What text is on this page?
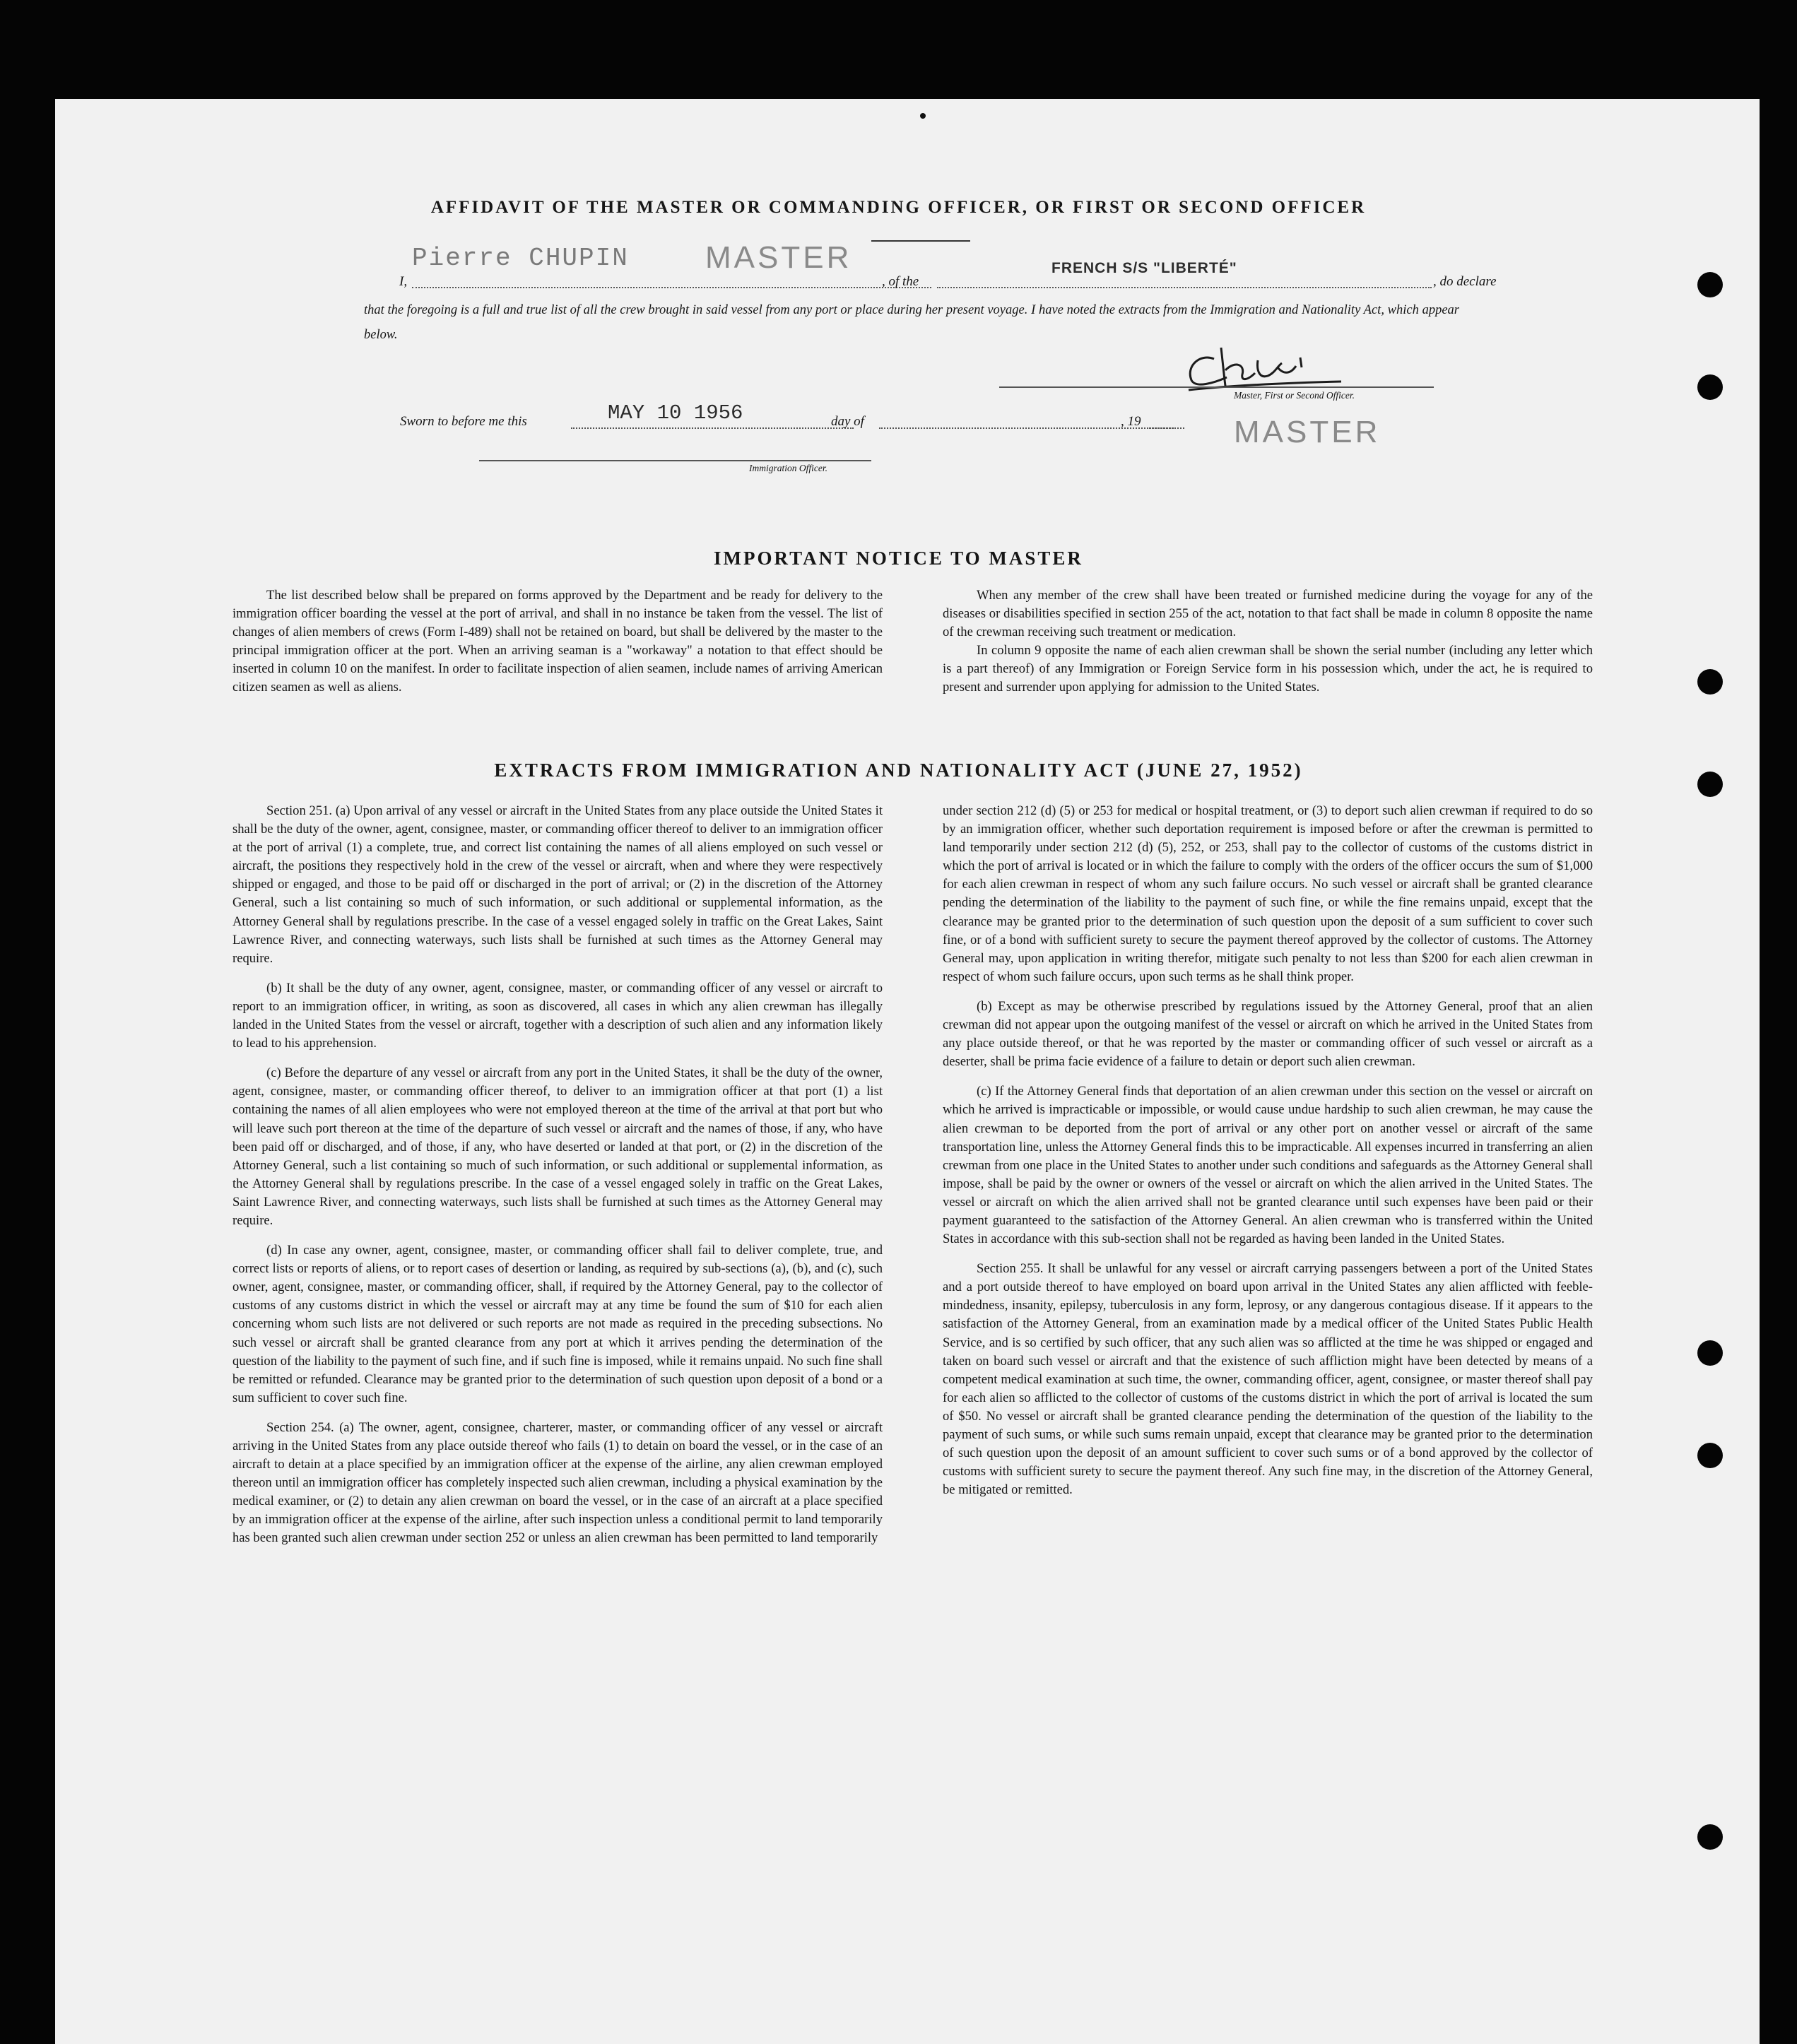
AFFIDAVIT OF THE MASTER OR COMMANDING OFFICER, OR FIRST OR SECOND OFFICER
Pierre CHUPIN MASTER
I,	, of the
FRENCH S/S "LIBERTÉ"
, do declare
that the foregoing is a full and true list of all the crew brought in said vessel from any port or place during her present voyage. I have noted the extracts from the Immigration and Nationality Act, which appear below.
Master, First or Second Officer.
Sworn to before me this	MAY 10 1956	day of	, 19	MASTER
Immigration Officer.
IMPORTANT NOTICE TO MASTER

The list described below shall be prepared on forms approved by the Department and be ready for delivery to the immigration officer boarding the vessel at the port of arrival, and shall in no instance be taken from the vessel. The list of changes of alien members of crews (Form I-489) shall not be retained on board, but shall be delivered by the master to the principal immigration officer at the port. When an arriving seaman is a "workaway" a notation to that effect should be inserted in column 10 on the manifest. In order to facilitate inspection of alien seamen, include names of arriving American citizen seamen as well as aliens.

When any member of the crew shall have been treated or furnished medicine during the voyage for any of the diseases or disabilities specified in section 255 of the act, notation to that fact shall be made in column 8 opposite the name of the crewman receiving such treatment or medication.

In column 9 opposite the name of each alien crewman shall be shown the serial number (including any letter which is a part thereof) of any Immigration or Foreign Service form in his possession which, under the act, he is required to present and surrender upon applying for admission to the United States.

EXTRACTS FROM IMMIGRATION AND NATIONALITY ACT (JUNE 27, 1952)

Section 251. (a) Upon arrival of any vessel or aircraft in the United States from any place outside the United States it shall be the duty of the owner, agent, consignee, master, or commanding officer thereof to deliver to an immigration officer at the port of arrival (1) a complete, true, and correct list containing the names of all aliens employed on such vessel or aircraft, the positions they respectively hold in the crew of the vessel or aircraft, when and where they were respectively shipped or engaged, and those to be paid off or discharged in the port of arrival; or (2) in the discretion of the Attorney General, such a list containing so much of such information, or such additional or supplemental information, as the Attorney General shall by regulations prescribe. In the case of a vessel engaged solely in traffic on the Great Lakes, Saint Lawrence River, and connecting waterways, such lists shall be furnished at such times as the Attorney General may require.

(b) It shall be the duty of any owner, agent, consignee, master, or commanding officer of any vessel or aircraft to report to an immigration officer, in writing, as soon as discovered, all cases in which any alien crewman has illegally landed in the United States from the vessel or aircraft, together with a description of such alien and any information likely to lead to his apprehension.

(c) Before the departure of any vessel or aircraft from any port in the United States, it shall be the duty of the owner, agent, consignee, master, or commanding officer thereof, to deliver to an immigration officer at that port (1) a list containing the names of all alien employees who were not employed thereon at the time of the arrival at that port but who will leave such port thereon at the time of the departure of such vessel or aircraft and the names of those, if any, who have been paid off or discharged, and of those, if any, who have deserted or landed at that port, or (2) in the discretion of the Attorney General, such a list containing so much of such information, or such additional or supplemental information, as the Attorney General shall by regulations prescribe. In the case of a vessel engaged solely in traffic on the Great Lakes, Saint Lawrence River, and connecting waterways, such lists shall be furnished at such times as the Attorney General may require.

(d) In case any owner, agent, consignee, master, or commanding officer shall fail to deliver complete, true, and correct lists or reports of aliens, or to report cases of desertion or landing, as required by sub-sections (a), (b), and (c), such owner, agent, consignee, master, or commanding officer, shall, if required by the Attorney General, pay to the collector of customs of any customs district in which the vessel or aircraft may at any time be found the sum of $10 for each alien concerning whom such lists are not delivered or such reports are not made as required in the preceding subsections. No such vessel or aircraft shall be granted clearance from any port at which it arrives pending the determination of the question of the liability to the payment of such fine, and if such fine is imposed, while it remains unpaid. No such fine shall be remitted or refunded. Clearance may be granted prior to the determination of such question upon deposit of a bond or a sum sufficient to cover such fine.

Section 254. (a) The owner, agent, consignee, charterer, master, or commanding officer of any vessel or aircraft arriving in the United States from any place outside thereof who fails (1) to detain on board the vessel, or in the case of an aircraft to detain at a place specified by an immigration officer at the expense of the airline, any alien crewman employed thereon until an immigration officer has completely inspected such alien crewman, including a physical examination by the medical examiner, or (2) to detain any alien crewman on board the vessel, or in the case of an aircraft at a place specified by an immigration officer at the expense of the airline, after such inspection unless a conditional permit to land temporarily has been granted such alien crewman under section 252 or unless an alien crewman has been permitted to land temporarily

under section 212 (d) (5) or 253 for medical or hospital treatment, or (3) to deport such alien crewman if required to do so by an immigration officer, whether such deportation requirement is imposed before or after the crewman is permitted to land temporarily under section 212 (d) (5), 252, or 253, shall pay to the collector of customs of the customs district in which the port of arrival is located or in which the failure to comply with the orders of the officer occurs the sum of $1,000 for each alien crewman in respect of whom any such failure occurs. No such vessel or aircraft shall be granted clearance pending the determination of the liability to the payment of such fine, or while the fine remains unpaid, except that the clearance may be granted prior to the determination of such question upon the deposit of a sum sufficient to cover such fine, or of a bond with sufficient surety to secure the payment thereof approved by the collector of customs. The Attorney General may, upon application in writing therefor, mitigate such penalty to not less than $200 for each alien crewman in respect of whom such failure occurs, upon such terms as he shall think proper.

(b) Except as may be otherwise prescribed by regulations issued by the Attorney General, proof that an alien crewman did not appear upon the outgoing manifest of the vessel or aircraft on which he arrived in the United States from any place outside thereof, or that he was reported by the master or commanding officer of such vessel or aircraft as a deserter, shall be prima facie evidence of a failure to detain or deport such alien crewman.

(c) If the Attorney General finds that deportation of an alien crewman under this section on the vessel or aircraft on which he arrived is impracticable or impossible, or would cause undue hardship to such alien crewman, he may cause the alien crewman to be deported from the port of arrival or any other port on another vessel or aircraft of the same transportation line, unless the Attorney General finds this to be impracticable. All expenses incurred in transferring an alien crewman from one place in the United States to another under such conditions and safeguards as the Attorney General shall impose, shall be paid by the owner or owners of the vessel or aircraft on which the alien arrived in the United States. The vessel or aircraft on which the alien arrived shall not be granted clearance until such expenses have been paid or their payment guaranteed to the satisfaction of the Attorney General. An alien crewman who is transferred within the United States in accordance with this sub-section shall not be regarded as having been landed in the United States.

Section 255. It shall be unlawful for any vessel or aircraft carrying passengers between a port of the United States and a port outside thereof to have employed on board upon arrival in the United States any alien afflicted with feeble-mindedness, insanity, epilepsy, tuberculosis in any form, leprosy, or any dangerous contagious disease. If it appears to the satisfaction of the Attorney General, from an examination made by a medical officer of the United States Public Health Service, and is so certified by such officer, that any such alien was so afflicted at the time he was shipped or engaged and taken on board such vessel or aircraft and that the existence of such affliction might have been detected by means of a competent medical examination at such time, the owner, commanding officer, agent, consignee, or master thereof shall pay for each alien so afflicted to the collector of customs of the customs district in which the port of arrival is located the sum of $50. No vessel or aircraft shall be granted clearance pending the determination of the question of the liability to the payment of such sums, or while such sums remain unpaid, except that clearance may be granted prior to the determination of such question upon the deposit of an amount sufficient to cover such sums or of a bond approved by the collector of customs with sufficient surety to secure the payment thereof. Any such fine may, in the discretion of the Attorney General, be mitigated or remitted.
